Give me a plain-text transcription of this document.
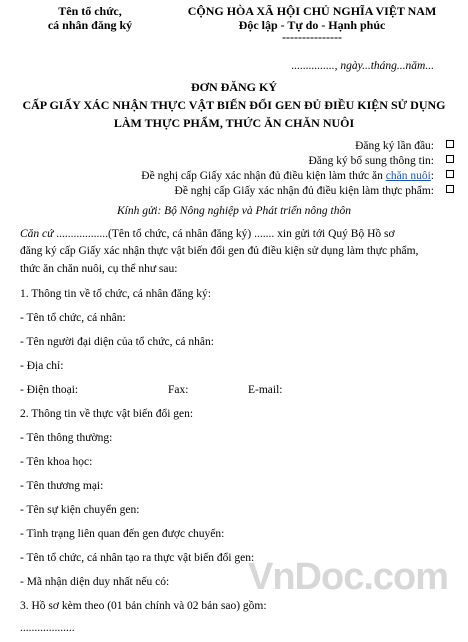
Tên tổ chức,
cá nhân đăng ký
CỘNG HÒA XÃ HỘI CHỦ NGHĨA VIỆT NAM
Độc lập - Tự do - Hạnh phúc
---------------
..............., ngày...tháng...năm...
ĐƠN ĐĂNG KÝ
CẤP GIẤY XÁC NHẬN THỰC VẬT BIẾN ĐỔI GEN ĐỦ ĐIỀU KIỆN SỬ DỤNG
LÀM THỰC PHẨM, THỨC ĂN CHĂN NUÔI
Đăng ký lần đầu:
Đăng ký bổ sung thông tin:
Đề nghị cấp Giấy xác nhận đủ điều kiện làm thức ăn chăn nuôi:
Đề nghị cấp Giấy xác nhận đủ điều kiện làm thực phẩm:
Kính gửi: Bộ Nông nghiệp và Phát triển nông thôn
Căn cứ ..................(Tên tổ chức, cá nhân đăng ký) ....... xin gửi tới Quý Bộ Hồ sơ
đăng ký cấp Giấy xác nhận thực vật biến đổi gen đủ điều kiện sử dụng làm thực phẩm,
thức ăn chăn nuôi, cụ thể như sau:
1. Thông tin về tổ chức, cá nhân đăng ký:
- Tên tổ chức, cá nhân:
- Tên người đại diện của tổ chức, cá nhân:
- Địa chỉ:
- Điện thoại:	Fax:	E-mail:
2. Thông tin về thực vật biến đổi gen:
- Tên thông thường:
- Tên khoa học:
- Tên thương mại:
- Tên sự kiện chuyển gen:
- Tình trạng liên quan đến gen được chuyển:
- Tên tổ chức, cá nhân tạo ra thực vật biến đổi gen:
- Mã nhận diện duy nhất nếu có:
3. Hồ sơ kèm theo (01 bản chính và 02 bản sao) gồm:
...................
VnDoc.com
